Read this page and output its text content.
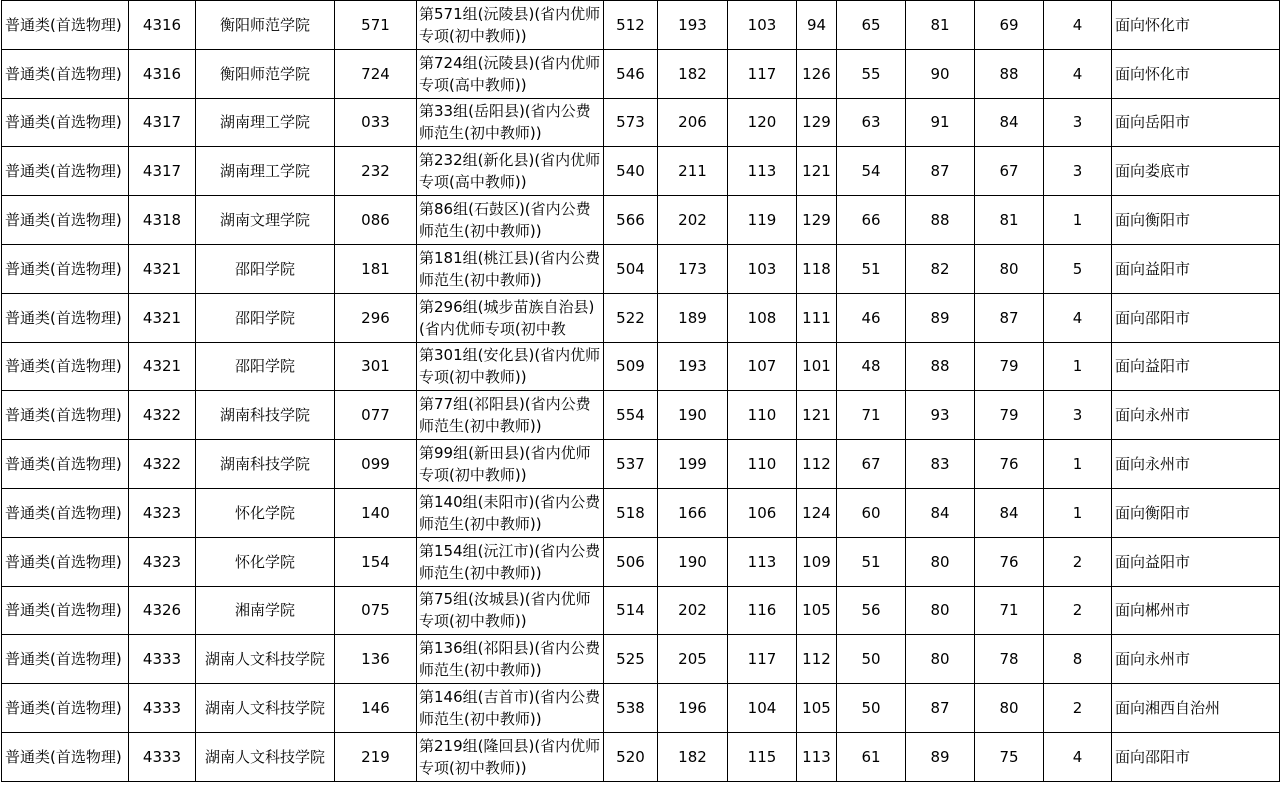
普通类(首选物理)	4316	衡阳师范学院	571	第571组(沅陵县)(省内优师专项(初中教师))	512	193	103	94	65	81	69	4	面向怀化市
普通类(首选物理)	4316	衡阳师范学院	724	第724组(沅陵县)(省内优师专项(高中教师))	546	182	117	126	55	90	88	4	面向怀化市
普通类(首选物理)	4317	湖南理工学院	033	第33组(岳阳县)(省内公费师范生(初中教师))	573	206	120	129	63	91	84	3	面向岳阳市
普通类(首选物理)	4317	湖南理工学院	232	第232组(新化县)(省内优师专项(高中教师))	540	211	113	121	54	87	67	3	面向娄底市
普通类(首选物理)	4318	湖南文理学院	086	第86组(石鼓区)(省内公费师范生(初中教师))	566	202	119	129	66	88	81	1	面向衡阳市
普通类(首选物理)	4321	邵阳学院	181	第181组(桃江县)(省内公费师范生(初中教师))	504	173	103	118	51	82	80	5	面向益阳市
普通类(首选物理)	4321	邵阳学院	296	第296组(城步苗族自治县)(省内优师专项(初中教	522	189	108	111	46	89	87	4	面向邵阳市
普通类(首选物理)	4321	邵阳学院	301	第301组(安化县)(省内优师专项(初中教师))	509	193	107	101	48	88	79	1	面向益阳市
普通类(首选物理)	4322	湖南科技学院	077	第77组(祁阳县)(省内公费师范生(初中教师))	554	190	110	121	71	93	79	3	面向永州市
普通类(首选物理)	4322	湖南科技学院	099	第99组(新田县)(省内优师专项(初中教师))	537	199	110	112	67	83	76	1	面向永州市
普通类(首选物理)	4323	怀化学院	140	第140组(耒阳市)(省内公费师范生(初中教师))	518	166	106	124	60	84	84	1	面向衡阳市
普通类(首选物理)	4323	怀化学院	154	第154组(沅江市)(省内公费师范生(初中教师))	506	190	113	109	51	80	76	2	面向益阳市
普通类(首选物理)	4326	湘南学院	075	第75组(汝城县)(省内优师专项(初中教师))	514	202	116	105	56	80	71	2	面向郴州市
普通类(首选物理)	4333	湖南人文科技学院	136	第136组(祁阳县)(省内公费师范生(初中教师))	525	205	117	112	50	80	78	8	面向永州市
普通类(首选物理)	4333	湖南人文科技学院	146	第146组(吉首市)(省内公费师范生(初中教师))	538	196	104	105	50	87	80	2	面向湘西自治州
普通类(首选物理)	4333	湖南人文科技学院	219	第219组(隆回县)(省内优师专项(初中教师))	520	182	115	113	61	89	75	4	面向邵阳市
